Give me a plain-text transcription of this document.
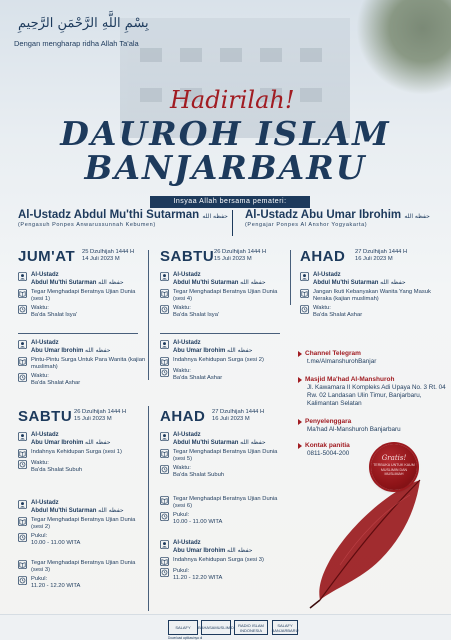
بِسْمِ اللَّهِ الرَّحْمَنِ الرَّحِيمِ
Dengan mengharap ridha Allah Ta'ala
Hadirilah!
DAUROH ISLAM
BANJARBARU
Insyaa Allah bersama pemateri:
Al-Ustadz Abdul Mu'thi Sutarman حفظه الله
(Pengasuh Ponpes Anwarussunnah Kebumen)
Al-Ustadz Abu Umar Ibrohim حفظه الله
(Pengajar Ponpes Al Anshor Yogyakarta)
JUM'AT 25 Dzulhijah 1444 H
14 Juli 2023 M
Al-Ustadz
Abdul Mu'thi Sutarman حفظه الله
Tegar Menghadapi Beratnya Ujian Dunia (sesi 1)
Waktu:
Ba'da Shalat Isya'
Al-Ustadz
Abu Umar Ibrohim حفظه الله
Pintu-Pintu Surga Untuk Para Wanita (kajian muslimah)
Waktu:
Ba'da Shalat Ashar
SABTU 26 Dzulhijah 1444 H
15 Juli 2023 M
Al-Ustadz
Abdul Mu'thi Sutarman حفظه الله
Tegar Menghadapi Beratnya Ujian Dunia (sesi 4)
Waktu:
Ba'da Shalat Isya'
Al-Ustadz
Abu Umar Ibrohim حفظه الله
Indahnya Kehidupan Surga (sesi 2)
Waktu:
Ba'da Shalat Ashar
AHAD 27 Dzulhijah 1444 H
16 Juli 2023 M
Al-Ustadz
Abdul Mu'thi Sutarman حفظه الله
Jangan Ikuti Kebanyakan Wanita Yang Masuk Neraka (kajian muslimah)
Waktu:
Ba'da Shalat Ashar
Channel Telegram
t.me/AlmanshurohBanjar
Masjid Ma'had Al-Manshuroh
Jl. Kawamara II Kompleks Adi Upaya No. 3 Rt. 04 Rw. 02 Landasan Ulin Timur, Banjarbaru, Kalimantan Selatan
Penyelenggara
Ma'had Al-Manshuroh Banjarbaru
Kontak panitia
0811-5004-200
SABTU 26 Dzulhijah 1444 H
15 Juli 2023 M
Al-Ustadz
Abu Umar Ibrohim حفظه الله
Indahnya Kehidupan Surga (sesi 1)
Waktu:
Ba'da Shalat Subuh
Al-Ustadz
Abdul Mu'thi Sutarman حفظه الله
Tegar Menghadapi Beratnya Ujian Dunia (sesi 2)
Pukul:
10.00 - 11.00 WITA
Tegar Menghadapi Beratnya Ujian Dunia (sesi 3)
Pukul:
11.20 - 12.20 WITA
AHAD 27 Dzulhijah 1444 H
16 Juli 2023 M
Al-Ustadz
Abdul Mu'thi Sutarman حفظه الله
Tegar Menghadapi Beratnya Ujian Dunia (sesi 5)
Waktu:
Ba'da Shalat Subuh
Tegar Menghadapi Beratnya Ujian Dunia (sesi 6)
Pukul:
10.00 - 11.00 WITA
Al-Ustadz
Abu Umar Ibrohim حفظه الله
Indahnya Kehidupan Surga (sesi 3)
Pukul:
11.20 - 12.20 WITA
Gratis!
TERBUKA UNTUK KAUM MUSLIMIN DAN MUSLIMAH
SALAFY	BAHASAMUSLIMID	RADIO ISLAM INDONESIA
SALAFY BANJARBARU
Download aplikasinya di
